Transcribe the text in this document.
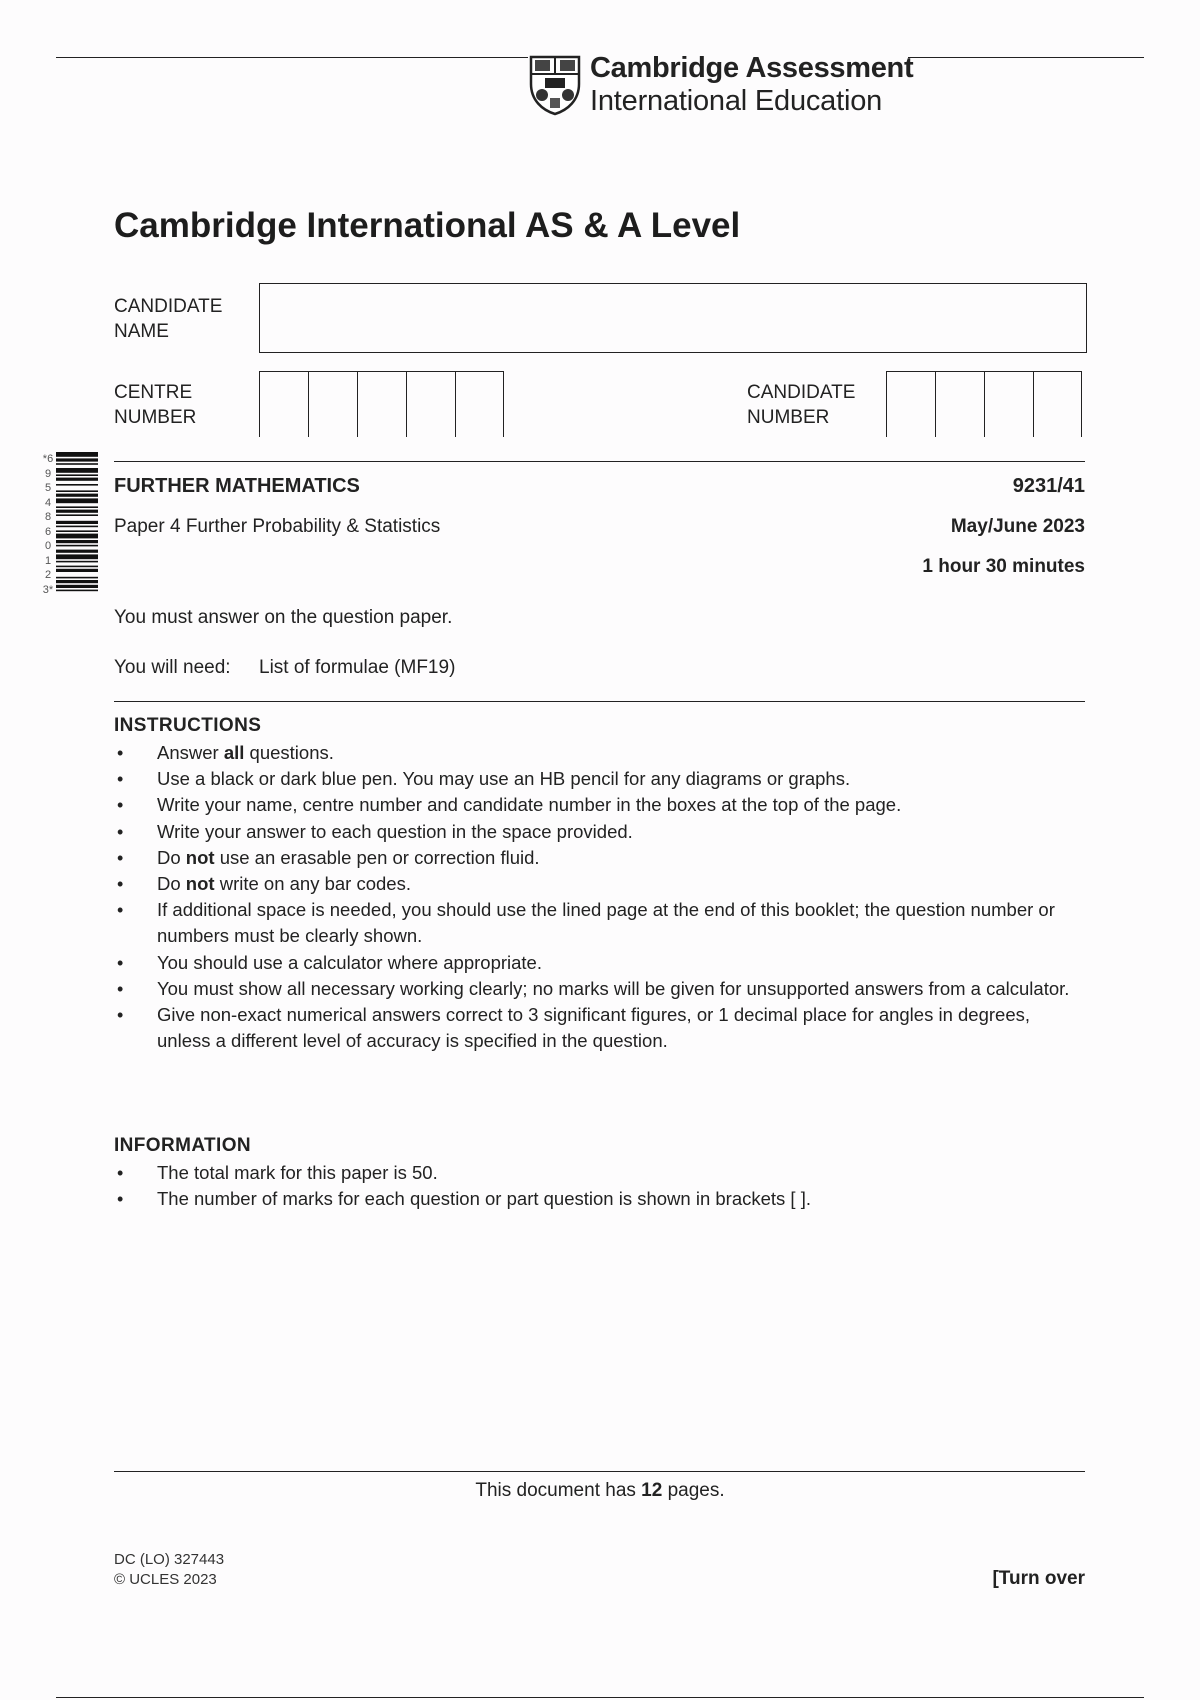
Cambridge Assessment
International Education
Cambridge International AS & A Level
CANDIDATE
NAME
CENTRE
NUMBER
CANDIDATE
NUMBER
*6954860123*
FURTHER MATHEMATICS	9231/41
Paper 4 Further Probability & Statistics	May/June 2023
1 hour 30 minutes
You must answer on the question paper.
You will need: List of formulae (MF19)
INSTRUCTIONS
• Answer all questions.
• Use a black or dark blue pen. You may use an HB pencil for any diagrams or graphs.
• Write your name, centre number and candidate number in the boxes at the top of the page.
• Write your answer to each question in the space provided.
• Do not use an erasable pen or correction fluid.
• Do not write on any bar codes.
• If additional space is needed, you should use the lined page at the end of this booklet; the question number or numbers must be clearly shown.
• You should use a calculator where appropriate.
• You must show all necessary working clearly; no marks will be given for unsupported answers from a calculator.
• Give non-exact numerical answers correct to 3 significant figures, or 1 decimal place for angles in degrees, unless a different level of accuracy is specified in the question.
INFORMATION
• The total mark for this paper is 50.
• The number of marks for each question or part question is shown in brackets [ ].
This document has 12 pages.
DC (LO) 327443
© UCLES 2023	[Turn over
